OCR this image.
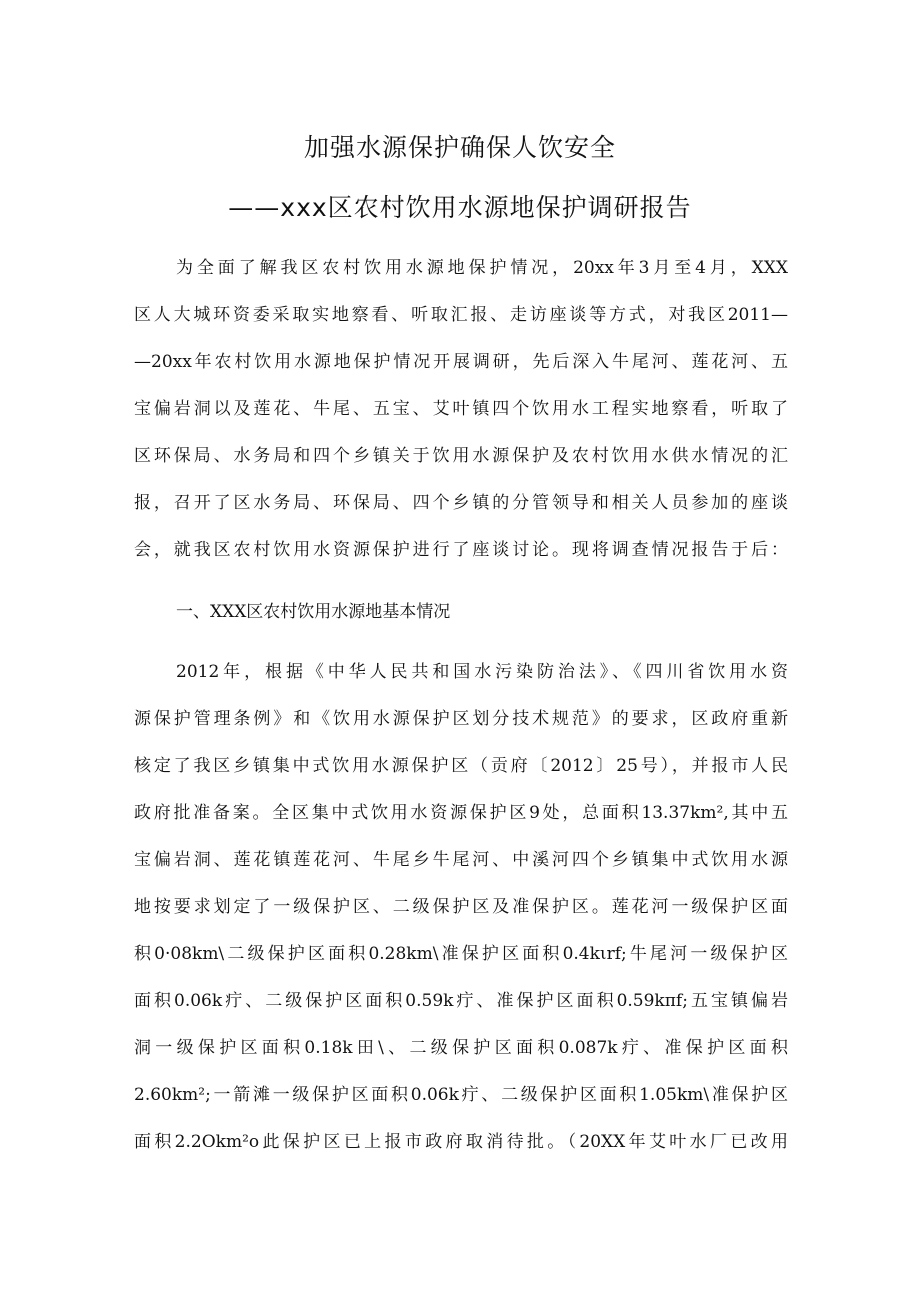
加强水源保护确保人饮安全
——xxx区农村饮用水源地保护调研报告
为全面了解我区农村饮用水源地保护情况，20xx年3月至4月，XXX
区人大城环资委采取实地察看、听取汇报、走访座谈等方式，对我区2011—
—20xx年农村饮用水源地保护情况开展调研，先后深入牛尾河、莲花河、五
宝偏岩洞以及莲花、牛尾、五宝、艾叶镇四个饮用水工程实地察看，听取了
区环保局、水务局和四个乡镇关于饮用水源保护及农村饮用水供水情况的汇
报，召开了区水务局、环保局、四个乡镇的分管领导和相关人员参加的座谈
会，就我区农村饮用水资源保护进行了座谈讨论。现将调查情况报告于后：
一、XXX区农村饮用水源地基本情况
2012年，根据《中华人民共和国水污染防治法》、《四川省饮用水资
源保护管理条例》和《饮用水源保护区划分技术规范》的要求，区政府重新
核定了我区乡镇集中式饮用水源保护区（贡府〔2012〕25号），并报市人民
政府批准备案。全区集中式饮用水资源保护区9处，总面积13.37km²,其中五
宝偏岩洞、莲花镇莲花河、牛尾乡牛尾河、中溪河四个乡镇集中式饮用水源
地按要求划定了一级保护区、二级保护区及准保护区。莲花河一级保护区面
积0·08km\二级保护区面积0.28km\准保护区面积0.4kιrf;牛尾河一级保护区
面积0.06k疔、二级保护区面积0.59k疔、准保护区面积0.59kπf;五宝镇偏岩
洞一级保护区面积0.18k田\、二级保护区面积0.087k疔、准保护区面积
2.60km²;一箭滩一级保护区面积0.06k疔、二级保护区面积1.05km\准保护区
面积2.2Okm²o此保护区已上报市政府取消待批。（20XX年艾叶水厂已改用
